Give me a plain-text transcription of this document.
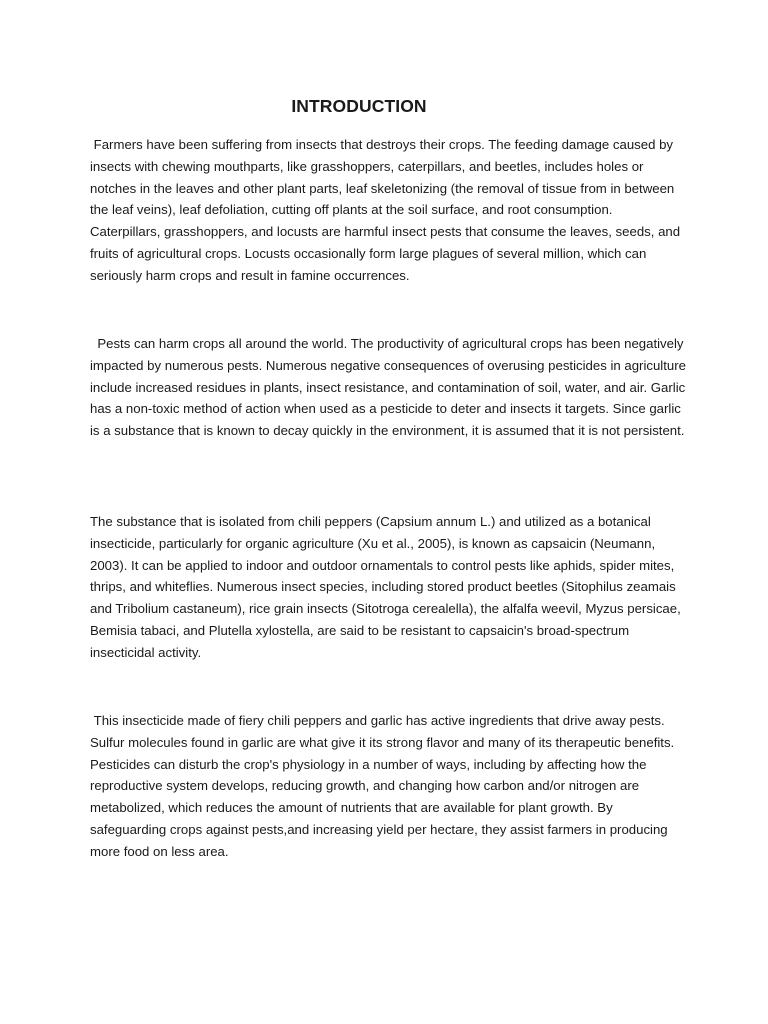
INTRODUCTION

Farmers have been suffering from insects that destroys their crops. The feeding damage caused by insects with chewing mouthparts, like grasshoppers, caterpillars, and beetles, includes holes or notches in the leaves and other plant parts, leaf skeletonizing (the removal of tissue from in between the leaf veins), leaf defoliation, cutting off plants at the soil surface, and root consumption. Caterpillars, grasshoppers, and locusts are harmful insect pests that consume the leaves, seeds, and fruits of agricultural crops. Locusts occasionally form large plagues of several million, which can seriously harm crops and result in famine occurrences.

Pests can harm crops all around the world. The productivity of agricultural crops has been negatively impacted by numerous pests. Numerous negative consequences of overusing pesticides in agriculture include increased residues in plants, insect resistance, and contamination of soil, water, and air. Garlic has a non-toxic method of action when used as a pesticide to deter and insects it targets. Since garlic is a substance that is known to decay quickly in the environment, it is assumed that it is not persistent.

The substance that is isolated from chili peppers (Capsium annum L.) and utilized as a botanical insecticide, particularly for organic agriculture (Xu et al., 2005), is known as capsaicin (Neumann, 2003). It can be applied to indoor and outdoor ornamentals to control pests like aphids, spider mites, thrips, and whiteflies. Numerous insect species, including stored product beetles (Sitophilus zeamais and Tribolium castaneum), rice grain insects (Sitotroga cerealella), the alfalfa weevil, Myzus persicae, Bemisia tabaci, and Plutella xylostella, are said to be resistant to capsaicin's broad-spectrum insecticidal activity.

This insecticide made of fiery chili peppers and garlic has active ingredients that drive away pests. Sulfur molecules found in garlic are what give it its strong flavor and many of its therapeutic benefits. Pesticides can disturb the crop's physiology in a number of ways, including by affecting how the reproductive system develops, reducing growth, and changing how carbon and/or nitrogen are metabolized, which reduces the amount of nutrients that are available for plant growth. By safeguarding crops against pests,and increasing yield per hectare, they assist farmers in producing more food on less area.
